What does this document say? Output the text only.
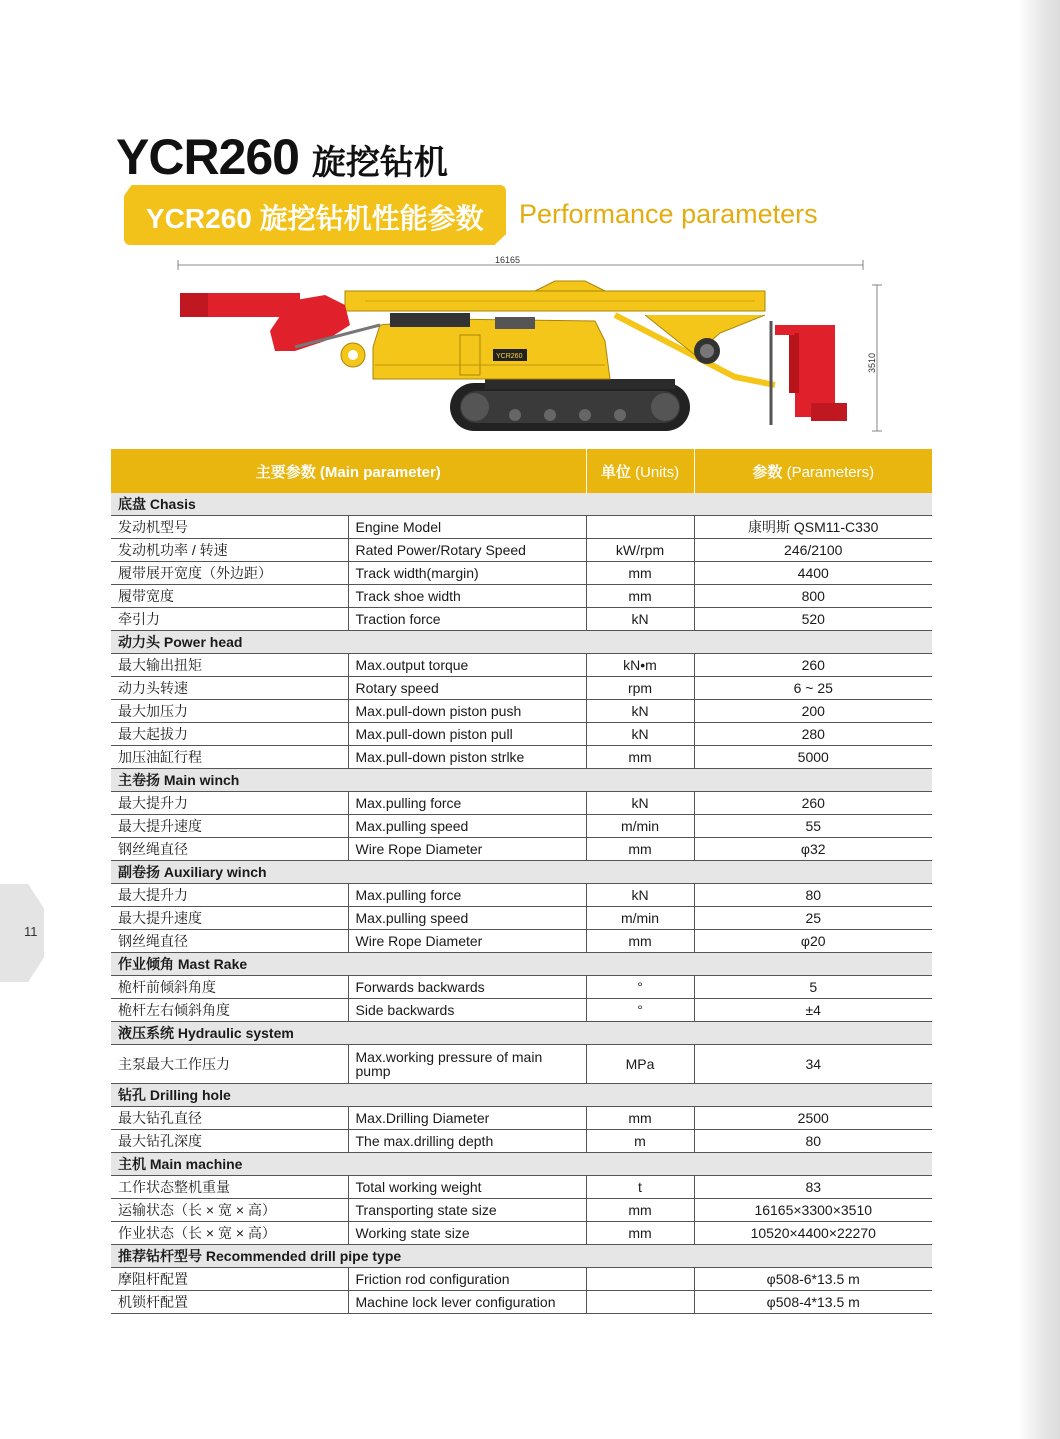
11
YCR260 旋挖钻机
YCR260 旋挖钻机性能参数 Performance parameters
16165
3510
YCR260
主要参数 (Main parameter)		单位 (Units)	参数 (Parameters)
底盘 Chasis			
发动机型号	Engine Model		康明斯 QSM11-C330
发动机功率 / 转速	Rated Power/Rotary Speed	kW/rpm	246/2100
履带展开宽度（外边距）	Track width(margin)	mm	4400
履带宽度	Track shoe width	mm	800
牵引力	Traction force	kN	520
动力头 Power head			
最大输出扭矩	Max.output torque	kN•m	260
动力头转速	Rotary speed	rpm	6 ~ 25
最大加压力	Max.pull-down piston push	kN	200
最大起拔力	Max.pull-down piston pull	kN	280
加压油缸行程	Max.pull-down piston strlke	mm	5000
主卷扬 Main winch			
最大提升力	Max.pulling force	kN	260
最大提升速度	Max.pulling speed	m/min	55
钢丝绳直径	Wire Rope Diameter	mm	φ32
副卷扬 Auxiliary winch			
最大提升力	Max.pulling force	kN	80
最大提升速度	Max.pulling speed	m/min	25
钢丝绳直径	Wire Rope Diameter	mm	φ20
作业倾角 Mast Rake			
桅杆前倾斜角度	Forwards backwards	°	5
桅杆左右倾斜角度	Side backwards	°	±4
液压系统 Hydraulic system			
主泵最大工作压力	Max.working pressure of main pump	MPa	34
钻孔 Drilling hole			
最大钻孔直径	Max.Drilling Diameter	mm	2500
最大钻孔深度	The max.drilling depth	m	80
主机 Main machine			
工作状态整机重量	Total working weight	t	83
运输状态（长 × 宽 × 高）	Transporting state size	mm	16165×3300×3510
作业状态（长 × 宽 × 高）	Working state size	mm	10520×4400×22270
推荐钻杆型号 Recommended drill pipe type			
摩阻杆配置	Friction rod configuration		φ508-6*13.5 m
机锁杆配置	Machine lock lever configuration		φ508-4*13.5 m
